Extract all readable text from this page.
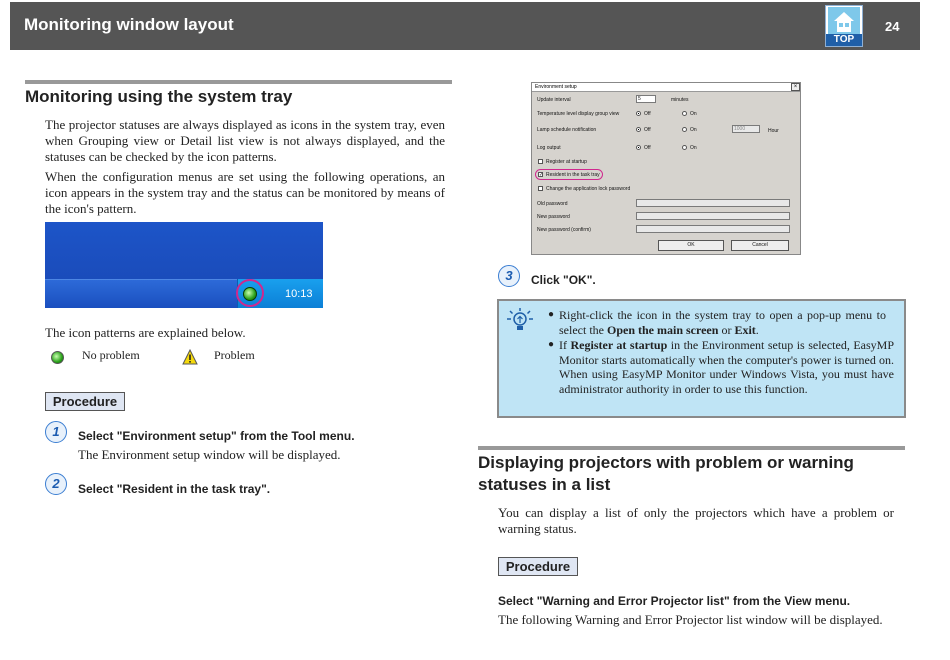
Monitoring window layout
TOP
24
Monitoring using the system tray
The projector statuses are always displayed as icons in the system tray, even when Grouping view or Detail list view is not always displayed, and the statuses can be checked by the icon patterns.
When the configuration menus are set using the following operations, an icon appears in the system tray and the status can be monitored by means of the icon's pattern.
10:13
The icon patterns are explained below.
No problem	Problem
Procedure
1	Select "Environment setup" from the Tool menu.
The Environment setup window will be displayed.
2	Select "Resident in the task tray".
Environment setup	×
Update interval	5	minutes
Temperature level display group view	Off	On
Lamp schedule notification	Off	On	1000	Hour
Log output	Off	On
Register at startup
✓ Resident in the task tray
Change the application lock password
Old password
New password
New password (confirm)
OK	Cancel
3	Click "OK".
● Right-click the icon in the system tray to open a pop-up menu to select the Open the main screen or Exit.
● If Register at startup in the Environment setup is selected, EasyMP Monitor starts automatically when the computer's power is turned on. When using EasyMP Monitor under Windows Vista, you must have administrator authority in order to use this function.
Displaying projectors with problem or warning statuses in a list
You can display a list of only the projectors which have a problem or warning status.
Procedure
Select "Warning and Error Projector list" from the View menu.
The following Warning and Error Projector list window will be displayed.
